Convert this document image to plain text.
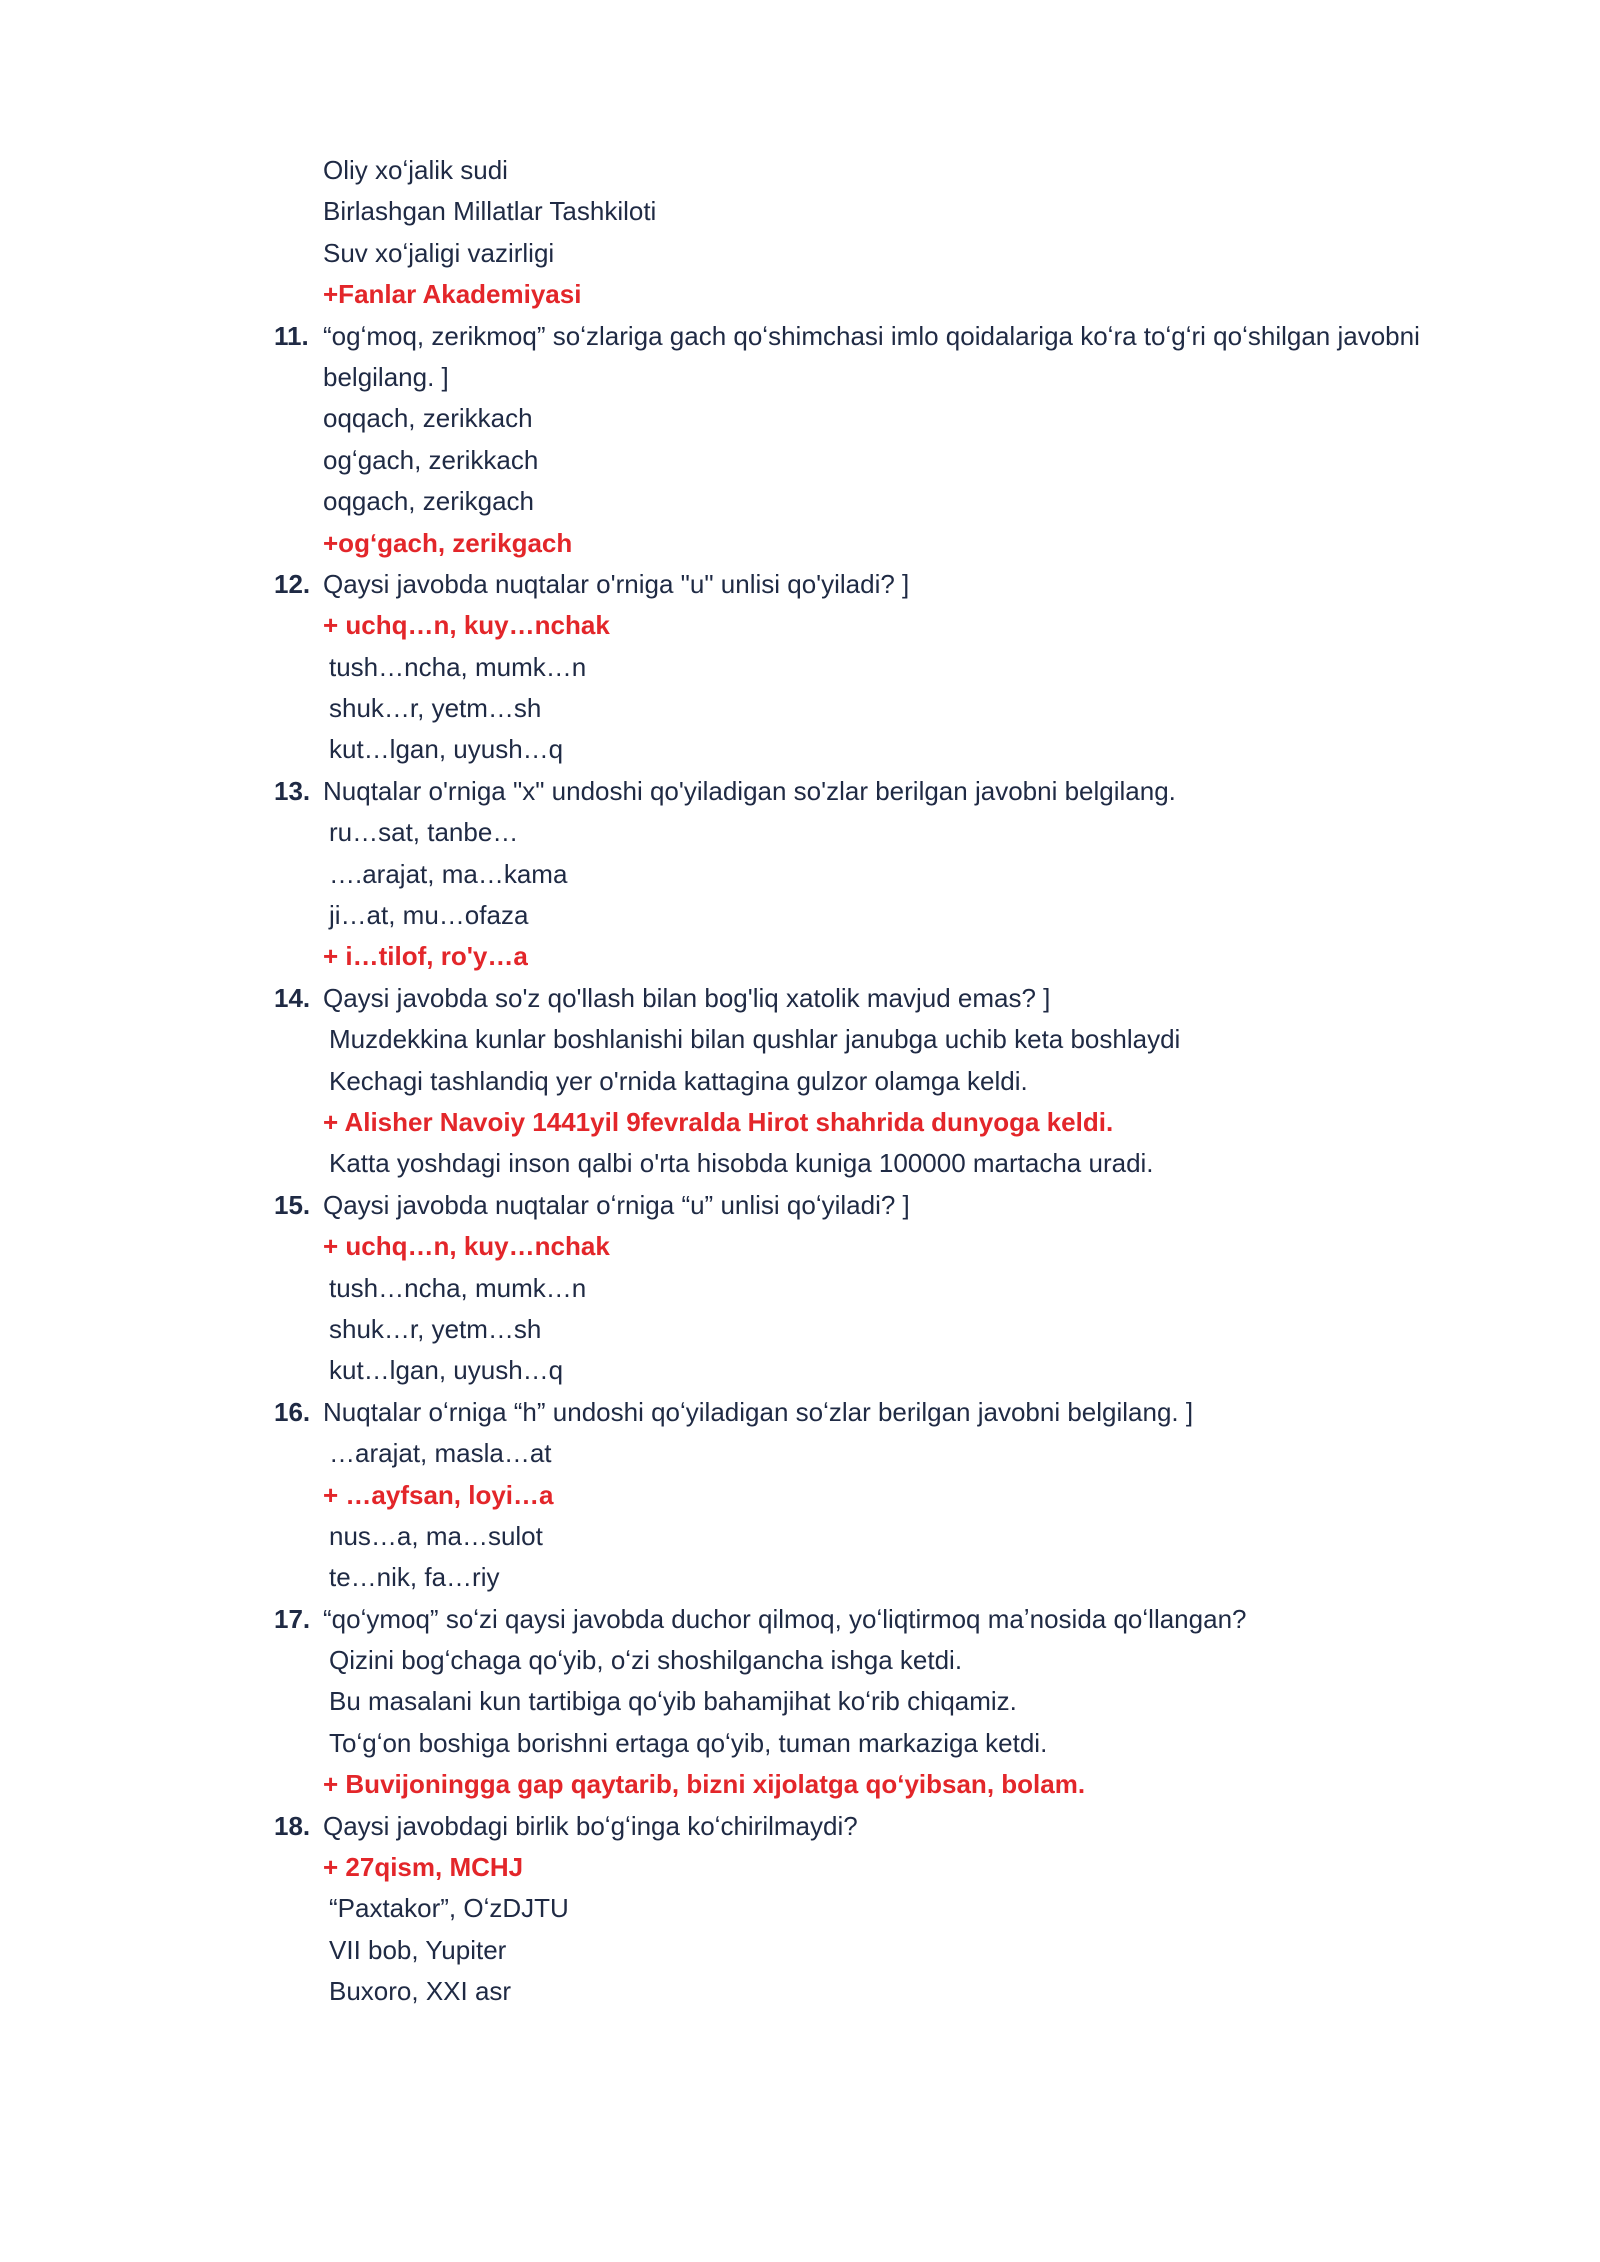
Oliy xoʻjalik sudi
Birlashgan Millatlar Tashkiloti
Suv xoʻjaligi vazirligi
+Fanlar Akademiyasi
11. “ogʻmoq, zerikmoq” soʻzlariga gach qoʻshimchasi imlo qoidalariga koʻra toʻgʻri qoʻshilgan javobni
belgilang. ]
oqqach, zerikkach
ogʻgach, zerikkach
oqgach, zerikgach
+ogʻgach, zerikgach
12. Qaysi javobda nuqtalar o'rniga "u" unlisi qo'yiladi? ]
+ uchq…n, kuy…nchak
tush…ncha, mumk…n
shuk…r, yetm…sh
kut…lgan, uyush…q
13. Nuqtalar o'rniga "x" undoshi qo'yiladigan so'zlar berilgan javobni belgilang.
ru…sat, tanbe…
….arajat, ma…kama
ji…at, mu…ofaza
+ i…tilof, ro'y…a
14. Qaysi javobda so'z qo'llash bilan bog'liq xatolik mavjud emas? ]
Muzdekkina kunlar boshlanishi bilan qushlar janubga uchib keta boshlaydi
Kechagi tashlandiq yer o'rnida kattagina gulzor olamga keldi.
+ Alisher Navoiy 1441yil 9fevralda Hirot shahrida dunyoga keldi.
Katta yoshdagi inson qalbi o'rta hisobda kuniga 100000 martacha uradi.
15. Qaysi javobda nuqtalar oʻrniga “u” unlisi qoʻyiladi? ]
+ uchq…n, kuy…nchak
tush…ncha, mumk…n
shuk…r, yetm…sh
kut…lgan, uyush…q
16. Nuqtalar oʻrniga “h” undoshi qoʻyiladigan soʻzlar berilgan javobni belgilang. ]
…arajat, masla…at
+ …ayfsan, loyi…a
nus…a, ma…sulot
te…nik, fa…riy
17. “qoʻymoq” soʻzi qaysi javobda duchor qilmoq, yoʻliqtirmoq maʼnosida qoʻllangan?
Qizini bogʻchaga qoʻyib, oʻzi shoshilgancha ishga ketdi.
Bu masalani kun tartibiga qoʻyib bahamjihat koʻrib chiqamiz.
Toʻgʻon boshiga borishni ertaga qoʻyib, tuman markaziga ketdi.
+ Buvijoningga gap qaytarib, bizni xijolatga qoʻyibsan, bolam.
18. Qaysi javobdagi birlik boʻgʻinga koʻchirilmaydi?
+ 27qism, MCHJ
“Paxtakor”, OʻzDJTU
VII bob, Yupiter
Buxoro, XXI asr
